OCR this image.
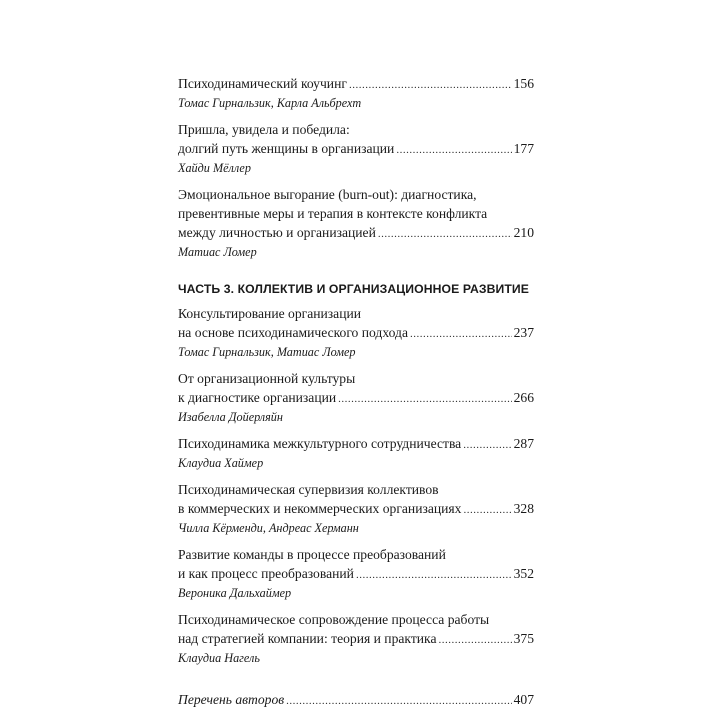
Психодинамический коучинг .....	156
Томас Гирнальзик, Карла Альбрехт
Пришла, увидела и победила:
долгий путь женщины в организации .....	177
Хайди Мёллер
Эмоциональное выгорание (burn-out): диагностика,
превентивные меры и терапия в контексте конфликта
между личностью и организацией .....	210
Матиас Ломер
ЧАСТЬ 3. КОЛЛЕКТИВ И ОРГАНИЗАЦИОННОЕ РАЗВИТИЕ
Консультирование организации
на основе психодинамического подхода .....	237
Томас Гирнальзик, Матиас Ломер
От организационной культуры
к диагностике организации .....	266
Изабелла Дойерляйн
Психодинамика межкультурного сотрудничества .....	287
Клаудиа Хаймер
Психодинамическая супервизия коллективов
в коммерческих и некоммерческих организациях .....	328
Чилла Кёрменди, Андреас Херманн
Развитие команды в процессе преобразований
и как процесс преобразований .....	352
Вероника Дальхаймер
Психодинамическое сопровождение процесса работы
над стратегией компании: теория и практика .....	375
Клаудиа Нагель
Перечень авторов .....	407
